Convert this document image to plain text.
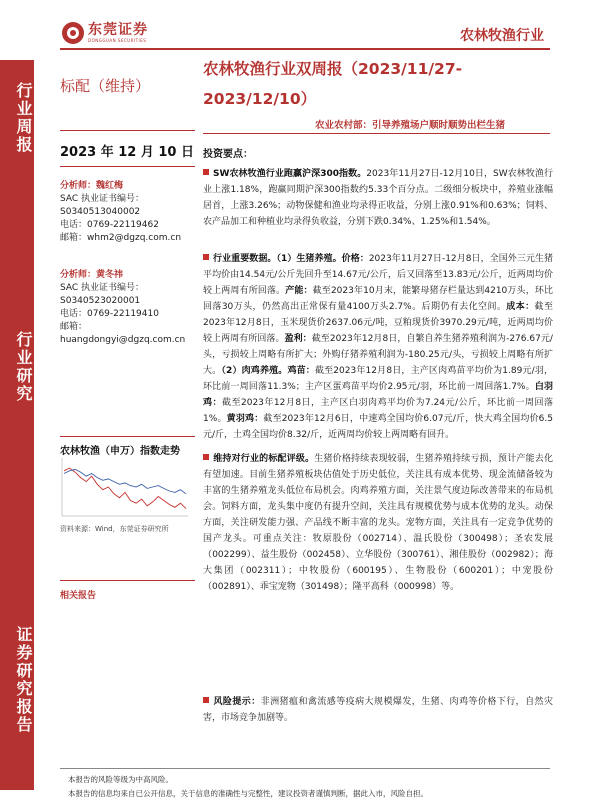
东莞证券
DONGGUAN SECURITIES	农林牧渔行业
行业周报
行业研究
证券研究报告
标配（维持）
2023 年 12 月 10 日
分析师：魏红梅
SAC 执业证书编号：
S0340513040002
电话：0769-22119462
邮箱：whm2@dgzq.com.cn
分析师：黄冬祎
SAC 执业证书编号：
S0340523020001
电话：0769-22119410
邮箱：
huangdongyi@dgzq.com.cn
农林牧渔（申万）指数走势
资料来源：Wind，东莞证券研究所
相关报告
农林牧渔行业双周报（2023/11/27-2023/12/10）
农业农村部：引导养殖场户顺时顺势出栏生猪
投资要点：
SW农林牧渔行业跑赢沪深300指数。2023年11月27日-12月10日，SW农林牧渔行业上涨1.18%，跑赢同期沪深300指数约5.33个百分点。二级细分板块中，养殖业涨幅居首，上涨3.26%；动物保健和渔业均录得正收益，分别上涨0.91%和0.63%；饲料、农产品加工和种植业均录得负收益，分别下跌0.34%、1.25%和1.54%。
行业重要数据。（1）生猪养殖。价格：2023年11月27日-12月8日，全国外三元生猪平均价由14.54元/公斤先回升至14.67元/公斤，后又回落至13.83元/公斤，近两周均价较上两周有所回落。产能：截至2023年10月末，能繁母猪存栏量达到4210万头，环比回落30万头，仍然高出正常保有量4100万头2.7%。后期仍有去化空间。成本：截至2023年12月8日，玉米现货价2637.06元/吨，豆粕现货价3970.29元/吨，近两周均价较上两周有所回落。盈利：截至2023年12月8日，自繁自养生猪养殖利润为-276.67元/头，亏损较上周略有所扩大；外购仔猪养殖利润为-180.25元/头，亏损较上周略有所扩大。（2）肉鸡养殖。鸡苗：截至2023年12月8日，主产区肉鸡苗平均价为1.89元/羽，环比前一周回落11.3%；主产区蛋鸡苗平均价2.95元/羽，环比前一周回落1.7%。白羽鸡：截至2023年12月8日，主产区白羽肉鸡平均价为7.24元/公斤，环比前一周回落1%。黄羽鸡：截至2023年12月6日，中速鸡全国均价6.07元/斤，快大鸡全国均价6.5元/斤，土鸡全国均价8.32/斤，近两周均价较上两周略有回升。
维持对行业的标配评级。生猪价格持续表现较弱，生猪养殖持续亏损，预计产能去化有望加速。目前生猪养殖板块估值处于历史低位，关注具有成本优势、现金流储备较为丰富的生猪养殖龙头低位布局机会。肉鸡养殖方面，关注景气度边际改善带来的布局机会。饲料方面，龙头集中度仍有提升空间，关注具有规模优势与成本优势的龙头。动保方面，关注研发能力强、产品线不断丰富的龙头。宠物方面，关注具有一定竞争优势的国产龙头。可重点关注：牧原股份（002714）、温氏股份（300498）；圣农发展（002299）、益生股份（002458）、立华股份（300761）、湘佳股份（002982）；海大集团（002311）；中牧股份（600195）、生物股份（600201）；中宠股份（002891）、乖宝宠物（301498）；隆平高科（000998）等。
风险提示：非洲猪瘟和禽流感等疫病大规模爆发，生猪、肉鸡等价格下行，自然灾害，市场竞争加剧等。
本报告的风险等级为中高风险。
本报告的信息均来自已公开信息，关于信息的准确性与完整性，建议投资者谨慎判断，据此入市，风险自担。
